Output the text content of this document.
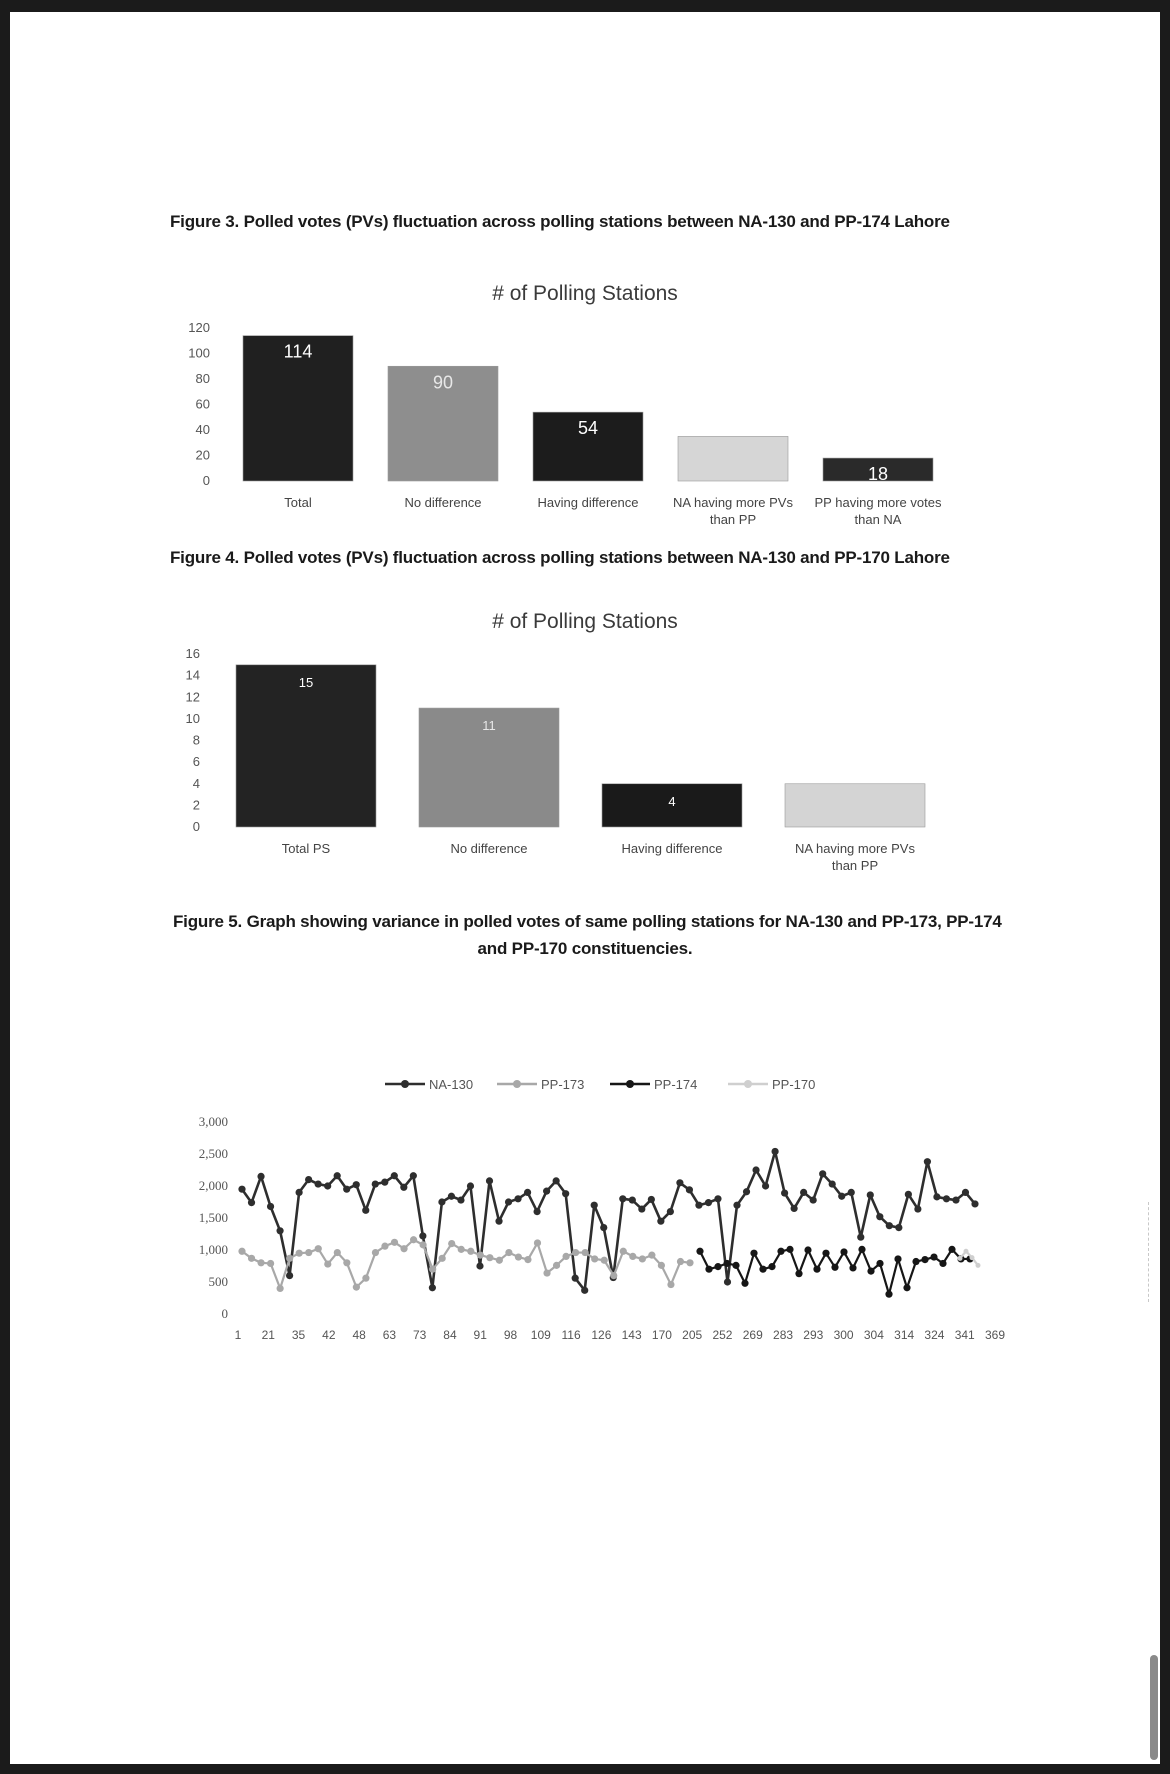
Figure 3. Polled votes (PVs) fluctuation across polling stations between NA-130 and PP-174 Lahore
# of Polling Stations
0
20
40
60
80
100
120
114
Total
90
No difference
54
Having difference	NA having more PVs
than PP
18
PP having more votes
than NA
Figure 4. Polled votes (PVs) fluctuation across polling stations between NA-130 and PP-170 Lahore
# of Polling Stations
0
2
4
6
8
10
12
14
16
15
Total PS
11
No difference
4
Having difference	NA having more PVs
than PP
Figure 5. Graph showing variance in polled votes of same polling stations for NA-130 and PP-173, PP-174
and PP-170 constituencies.
0
500
1,000
1,500
2,000
2,500
3,000
1 21 35 42 48 63 73 84 91 98 109 116 126 143 170 205 252 269 283 293 300 304 314 324 341 369
NA-130	PP-173	PP-174	PP-170
